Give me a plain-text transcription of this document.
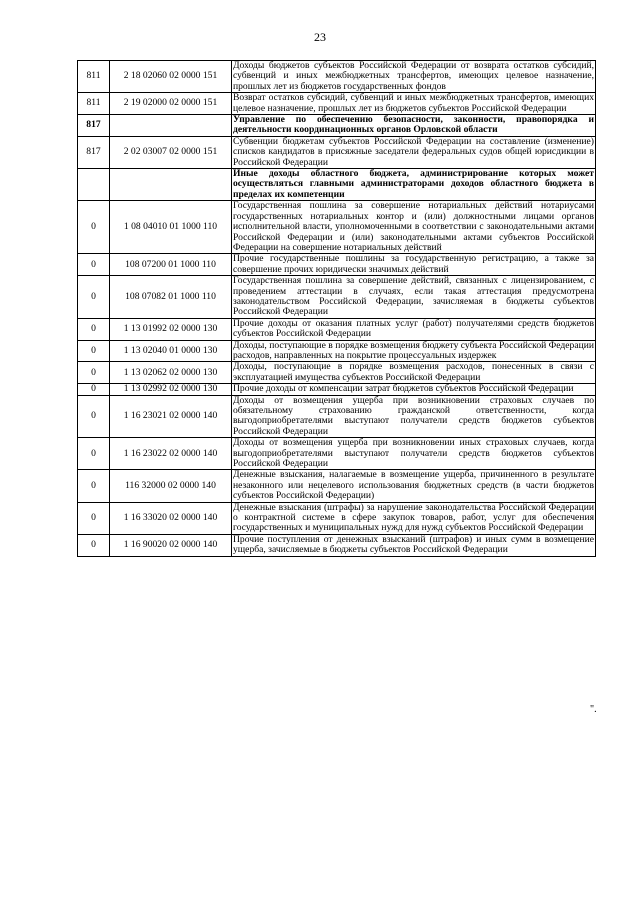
23
811	2 18 02060 02 0000 151	Доходы бюджетов субъектов Российской Федерации от возврата остатков субсидий, субвенций и иных межбюджетных трансфертов, имеющих целевое назначение, прошлых лет из бюджетов государственных фондов
811	2 19 02000 02 0000 151	Возврат остатков субсидий, субвенций и иных межбюджетных трансфертов, имеющих целевое назначение, прошлых лет из бюджетов субъектов Российской Федерации
817		Управление по обеспечению безопасности, законности, правопорядка и деятельности координационных органов Орловской области
817	2 02 03007 02 0000 151	Субвенции бюджетам субъектов Российской Федерации на составление (изменение) списков кандидатов в присяжные заседатели федеральных судов общей юрисдикции в Российской Федерации
		Иные доходы областного бюджета, администрирование которых может осуществляться главными администраторами доходов областного бюджета в пределах их компетенции
0	1 08 04010 01 1000 110	Государственная пошлина за совершение нотариальных действий нотариусами государственных нотариальных контор и (или) должностными лицами органов исполнительной власти, уполномоченными в соответствии с законодательными актами Российской Федерации и (или) законодательными актами субъектов Российской Федерации на совершение нотариальных действий
0	108 07200 01 1000 110	Прочие государственные пошлины за государственную регистрацию, а также за совершение прочих юридически значимых действий
0	108 07082 01 1000 110	Государственная пошлина за совершение действий, связанных с лицензированием, с проведением аттестации в случаях, если такая аттестация предусмотрена законодательством Российской Федерации, зачисляемая в бюджеты субъектов Российской Федерации
0	1 13 01992 02 0000 130	Прочие доходы от оказания платных услуг (работ) получателями средств бюджетов субъектов Российской Федерации
0	1 13 02040 01 0000 130	Доходы, поступающие в порядке возмещения бюджету субъекта Российской Федерации расходов, направленных на покрытие процессуальных издержек
0	1 13 02062 02 0000 130	Доходы, поступающие в порядке возмещения расходов, понесенных в связи с эксплуатацией имущества субъектов Российской Федерации
0	1 13 02992 02 0000 130	Прочие доходы от компенсации затрат бюджетов субъектов Российской Федерации
0	1 16 23021 02 0000 140	Доходы от возмещения ущерба при возникновении страховых случаев по обязательному страхованию гражданской ответственности, когда выгодоприобретателями выступают получатели средств бюджетов субъектов Российской Федерации
0	1 16 23022 02 0000 140	Доходы от возмещения ущерба при возникновении иных страховых случаев, когда выгодоприобретателями выступают получатели средств бюджетов субъектов Российской Федерации
0	116 32000 02 0000 140	Денежные взыскания, налагаемые в возмещение ущерба, причиненного в результате незаконного или нецелевого использования бюджетных средств (в части бюджетов субъектов Российской Федерации)
0	1 16 33020 02 0000 140	Денежные взыскания (штрафы) за нарушение законодательства Российской Федерации о контрактной системе в сфере закупок товаров, работ, услуг для обеспечения государственных и муниципальных нужд для нужд субъектов Российской Федерации
0	1 16 90020 02 0000 140	Прочие поступления от денежных взысканий (штрафов) и иных сумм в возмещение ущерба, зачисляемые в бюджеты субъектов Российской Федерации
".
